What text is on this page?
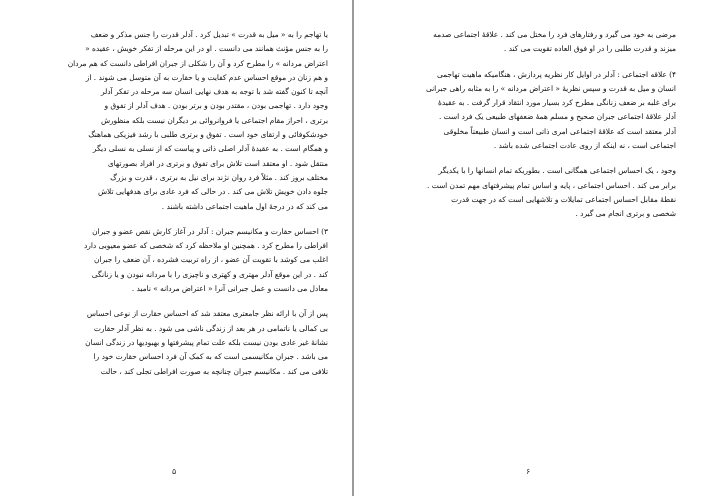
یا تهاجم را به « میل به قدرت » تبدیل کرد . آدلر قدرت را جنس مذکر و ضعف
را به جنس مؤنث همانند می دانست . او در این مرحله از تفکر خویش ، عقیده «
اعتراض مردانه » را مطرح کرد و آن را شکلی از جبران افراطی دانست که هم مردان
و هم زنان در موقع احساس عدم کفایت و یا حقارت به آن متوسل می شوند . از
آنچه تا کنون گفته شد با توجه به هدف نهایی انسان سه مرحله در تفکر آدلر
وجود دارد . تهاجمی بودن ، مقتدر بودن و برتر بودن . هدف آدلر از تفوق و
برتری ، احراز مقام اجتماعی یا فروانروائی بر دیگران نیست بلکه منظورش
خودشکوفائی و ارتقای خود است . تفوق و برتری طلبی با رشد فیزیکی هماهنگ
و همگام است . به عقیدهٔ آدلر اصلی ذاتی و پیاست که از نسلی به نسلی دیگر
منتقل شود . او معتقد است تلاش برای تفوق و برتری در افراد بصورتهای
مختلف بروز کند . مثلاً فرد روان نژند برای نیل به برتری ، قدرت و بزرگ
جلوه دادن خویش تلاش می کند . در حالی که فرد عادی برای هدفهایی تلاش
می کند که در درجهٔ اول ماهیت اجتماعی داشته باشند .
۳) احساس حقارت و مکانیسم جبران : آدلر در آغاز کارش نقص عضو و جبران
افراطی را مطرح کرد . همچنین او ملاحظه کرد که شخصی که عضو معیوبی دارد
اغلب می کوشد با تقویت آن عضو ، از راه تربیت فشرده ، آن ضعف را جبران
کند . در این موقع آدلر مهتری و کهتری و ناچیزی را با مردانه نبودن و یا زنانگی
معادل می دانست و عمل جبرانی آنرا « اعتراض مردانه » نامید .
پس از آن با ارائه نظر جامعتری معتقد شد که احساس حقارت از نوعی احساس
بی کمالی یا ناتمامی در هر بعد از زندگی ناشی می شود . به نظر آدلر حقارت
نشانهٔ غیر عادی بودن نیست بلکه علت تمام پیشرفتها و بهبودیها در زندگی انسان
می باشد . جبران مکانیسمی است که به کمک آن فرد احساس حقارت خود را
تلافی می کند . مکانیسم جبران چنانچه به صورت افراطی تجلی کند ، حالت
۵
مرضی به خود می گیرد و رفتارهای فرد را مختل می کند . علاقهٔ اجتماعی صدمه
میزند و قدرت طلبی را در او فوق العاده تقویت می کند .
۴) علاقه اجتماعی : آدلر در اوایل کار نظریه پردازش ، هنگامیکه ماهیت تهاجمی
انسان و میل به قدرت و سپس نظریهٔ « اعتراض مردانه » را به مثابه راهی جبرانی
برای غلبه بر ضعف زنانگی مطرح کرد بسیار مورد انتقاد قرار گرفت . به عقیدهٔ
آدلر علاقهٔ اجتماعی جبران صحیح و مسلم همهٔ ضعفهای طبیعی یک فرد است .
آدلر معتقد است که علاقهٔ اجتماعی امری ذاتی است و انسان طبیعتاً مخلوقی
اجتماعی است ، نه اینکه از روی عادت اجتماعی شده باشد .
وجود ، یک احساس اجتماعی همگانی است . بطوریکه تمام انسانها را با یکدیگر
برابر می کند . احساس اجتماعی ، پایه و اساس تمام پیشرفتهای مهم تمدن است .
نقطهٔ مقابل احساس اجتماعی تمایلات و تلاشهایی است که در جهت قدرت
شخصی و برتری انجام می گیرد .
۶
